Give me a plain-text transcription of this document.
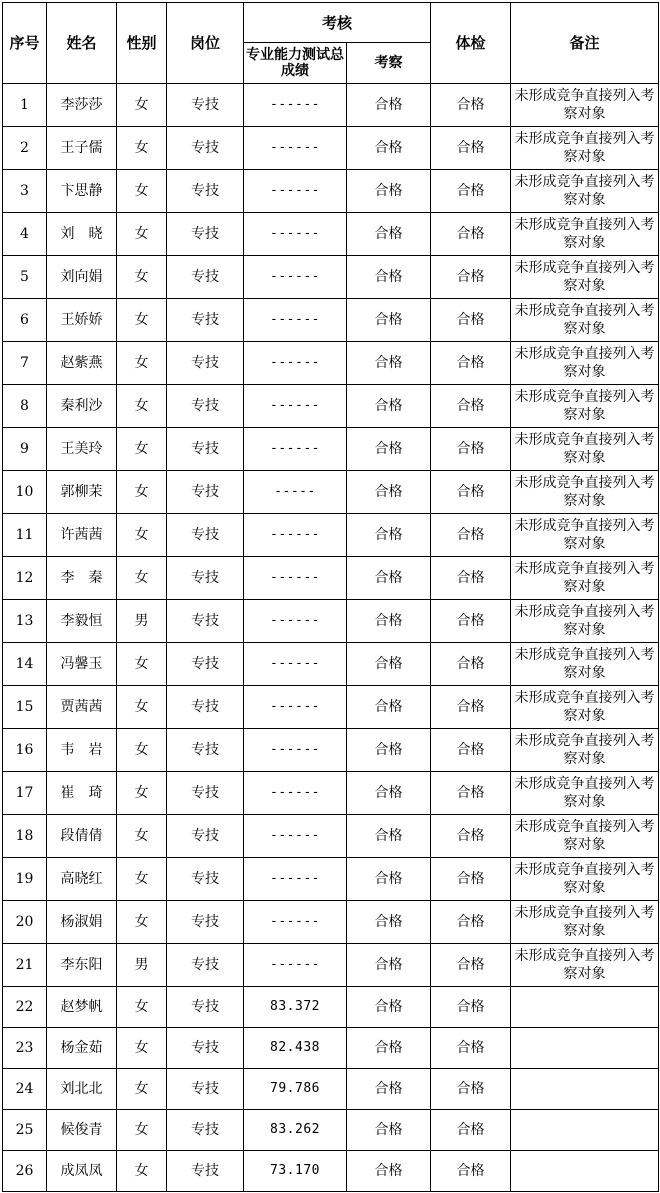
序号	姓名	性别	岗位	考核		体检	备注
				专业能力测试总成绩	考察		
1	李莎莎	女	专技	------	合格	合格	未形成竞争直接列入考察对象
2	王子儒	女	专技	------	合格	合格	未形成竞争直接列入考察对象
3	卞思静	女	专技	------	合格	合格	未形成竞争直接列入考察对象
4	刘　晓	女	专技	------	合格	合格	未形成竞争直接列入考察对象
5	刘向娟	女	专技	------	合格	合格	未形成竞争直接列入考察对象
6	王娇娇	女	专技	------	合格	合格	未形成竞争直接列入考察对象
7	赵紫燕	女	专技	------	合格	合格	未形成竞争直接列入考察对象
8	秦利沙	女	专技	------	合格	合格	未形成竞争直接列入考察对象
9	王美玲	女	专技	------	合格	合格	未形成竞争直接列入考察对象
10	郭柳茉	女	专技	-----	合格	合格	未形成竞争直接列入考察对象
11	许茜茜	女	专技	------	合格	合格	未形成竞争直接列入考察对象
12	李　秦	女	专技	------	合格	合格	未形成竞争直接列入考察对象
13	李毅恒	男	专技	------	合格	合格	未形成竞争直接列入考察对象
14	冯馨玉	女	专技	------	合格	合格	未形成竞争直接列入考察对象
15	贾茜茜	女	专技	------	合格	合格	未形成竞争直接列入考察对象
16	韦　岩	女	专技	------	合格	合格	未形成竞争直接列入考察对象
17	崔　琦	女	专技	------	合格	合格	未形成竞争直接列入考察对象
18	段倩倩	女	专技	------	合格	合格	未形成竞争直接列入考察对象
19	高晓红	女	专技	------	合格	合格	未形成竞争直接列入考察对象
20	杨淑娟	女	专技	------	合格	合格	未形成竞争直接列入考察对象
21	李东阳	男	专技	------	合格	合格	未形成竞争直接列入考察对象
22	赵梦帆	女	专技	83.372	合格	合格	
23	杨金茹	女	专技	82.438	合格	合格	
24	刘北北	女	专技	79.786	合格	合格	
25	候俊青	女	专技	83.262	合格	合格	
26	成凤凤	女	专技	73.170	合格	合格	
